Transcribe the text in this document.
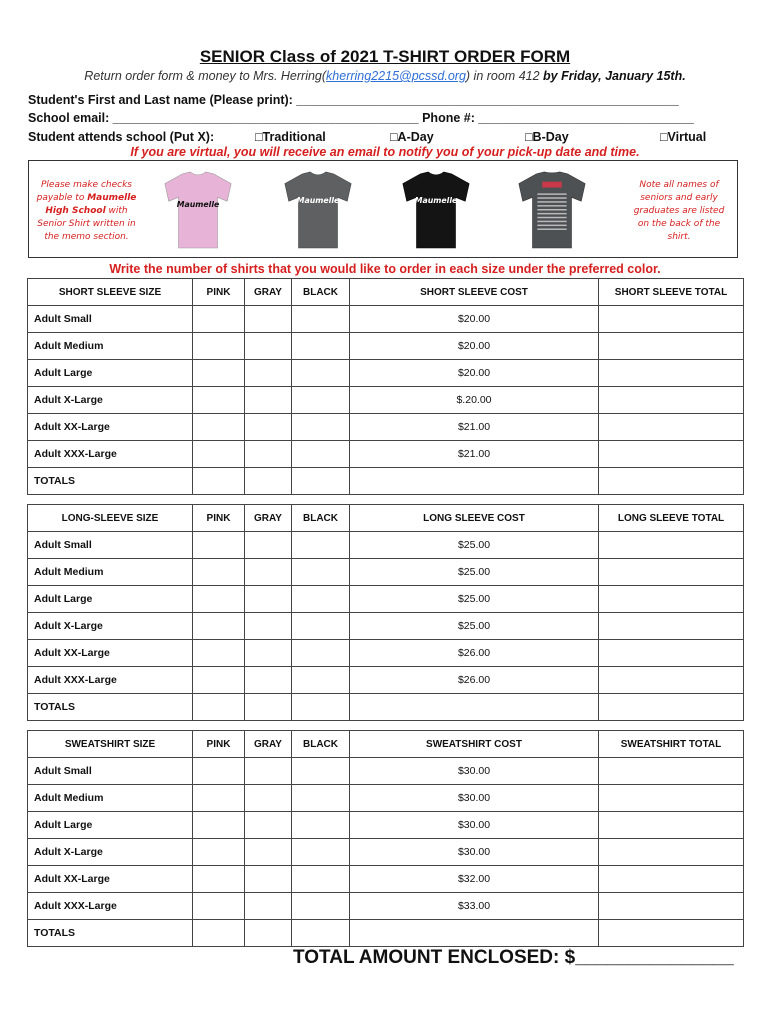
SENIOR Class of 2021 T-SHIRT ORDER FORM
Return order form & money to Mrs. Herring(kherring2215@pcssd.org) in room 412 by Friday, January 15th.
Student's First and Last name (Please print): _______________________________________________________
School email: ____________________________________________ Phone #: _______________________________
Student attends school (Put X):	□Traditional	□A-Day	□B-Day	□Virtual
If you are virtual, you will receive an email to notify you of your pick-up date and time.
Please make checks payable to Maumelle High School with Senior Shirt written in the memo section.
Note all names of seniors and early graduates are listed on the back of the shirt.
Maumelle	Maumelle	Maumelle
Write the number of shirts that you would like to order in each size under the preferred color.
SHORT SLEEVE SIZE	PINK	GRAY	BLACK	SHORT SLEEVE COST	SHORT SLEEVE TOTAL
Adult Small				$20.00	
Adult Medium				$20.00	
Adult Large				$20.00	
Adult X-Large				$.20.00	
Adult XX-Large				$21.00	
Adult XXX-Large				$21.00	
TOTALS					
LONG-SLEEVE SIZE	PINK	GRAY	BLACK	LONG SLEEVE COST	LONG SLEEVE TOTAL
Adult Small				$25.00	
Adult Medium				$25.00	
Adult Large				$25.00	
Adult X-Large				$25.00	
Adult XX-Large				$26.00	
Adult XXX-Large				$26.00	
TOTALS					
SWEATSHIRT SIZE	PINK	GRAY	BLACK	SWEATSHIRT COST	SWEATSHIRT TOTAL
Adult Small				$30.00	
Adult Medium				$30.00	
Adult Large				$30.00	
Adult X-Large				$30.00	
Adult XX-Large				$32.00	
Adult XXX-Large				$33.00	
TOTALS					
TOTAL AMOUNT ENCLOSED: $_______________
